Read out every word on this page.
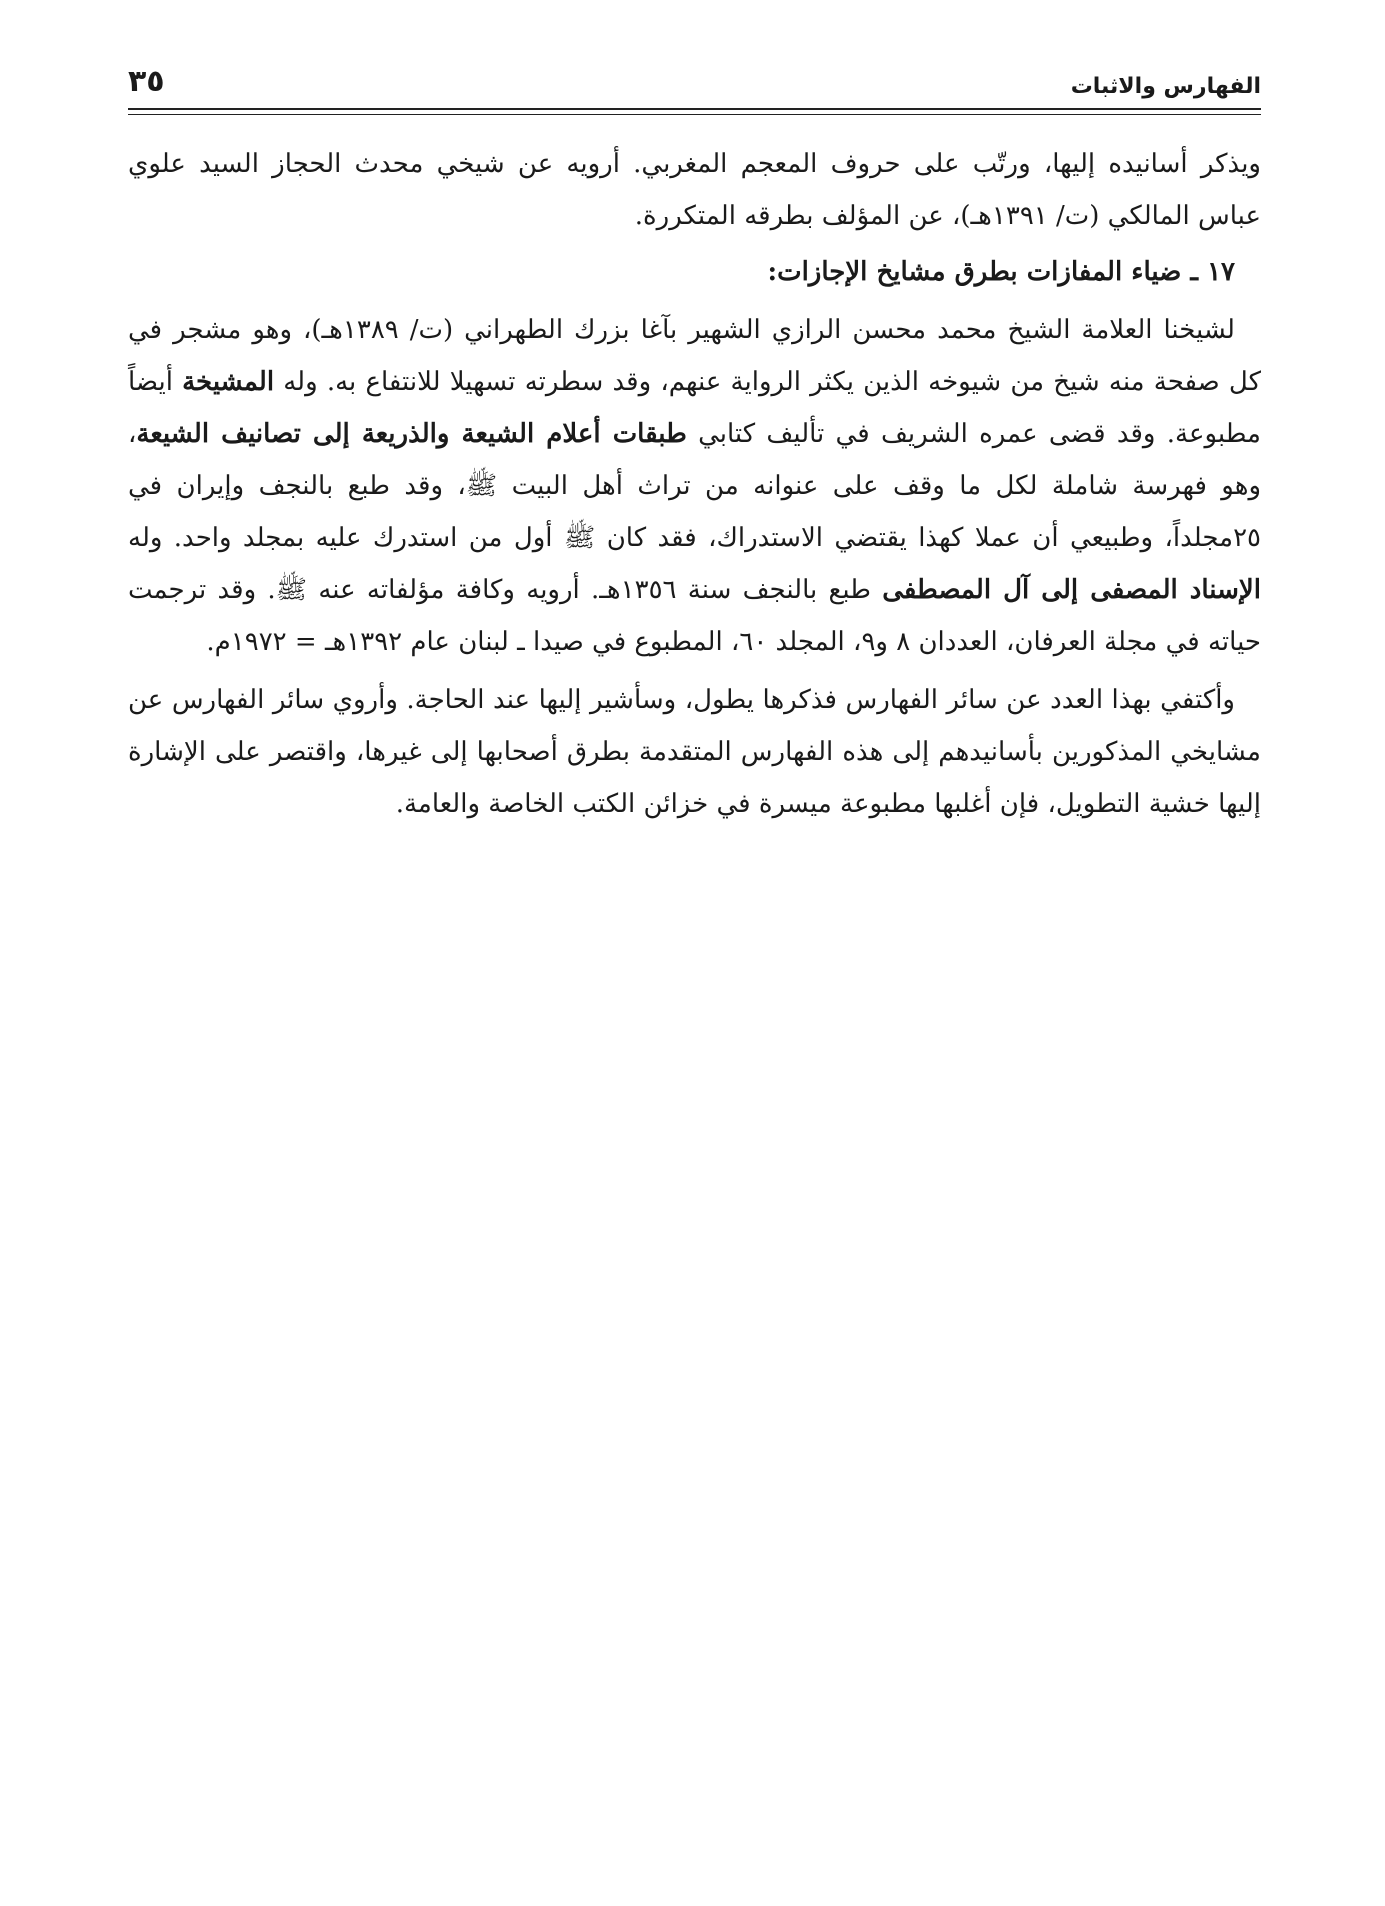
الفهارس والاثبات
٣٥

ويذكر أسانيده إليها، ورتّب على حروف المعجم المغربي. أرويه عن شيخي محدث الحجاز السيد علوي عباس المالكي (ت/ ١٣٩١هـ)، عن المؤلف بطرقه المتكررة.

١٧ ـ ضياء المفازات بطرق مشايخ الإجازات:

لشيخنا العلامة الشيخ محمد محسن الرازي الشهير بآغا بزرك الطهراني (ت/ ١٣٨٩هـ)، وهو مشجر في كل صفحة منه شيخ من شيوخه الذين يكثر الرواية عنهم، وقد سطرته تسهيلا للانتفاع به. وله المشيخة أيضاً مطبوعة. وقد قضى عمره الشريف في تأليف كتابي طبقات أعلام الشيعة والذريعة إلى تصانيف الشيعة، وهو فهرسة شاملة لكل ما وقف على عنوانه من تراث أهل البيت ﷺ، وقد طبع بالنجف وإيران في ٢٥مجلداً، وطبيعي أن عملا كهذا يقتضي الاستدراك، فقد كان ﷺ أول من استدرك عليه بمجلد واحد. وله الإسناد المصفى إلى آل المصطفى طبع بالنجف سنة ١٣٥٦هـ. أرويه وكافة مؤلفاته عنه ﷺ. وقد ترجمت حياته في مجلة العرفان، العددان ٨ و٩، المجلد ٦٠، المطبوع في صيدا ـ لبنان عام ١٣٩٢هـ = ١٩٧٢م.

وأكتفي بهذا العدد عن سائر الفهارس فذكرها يطول، وسأشير إليها عند الحاجة. وأروي سائر الفهارس عن مشايخي المذكورين بأسانيدهم إلى هذه الفهارس المتقدمة بطرق أصحابها إلى غيرها، واقتصر على الإشارة إليها خشية التطويل، فإن أغلبها مطبوعة ميسرة في خزائن الكتب الخاصة والعامة.
